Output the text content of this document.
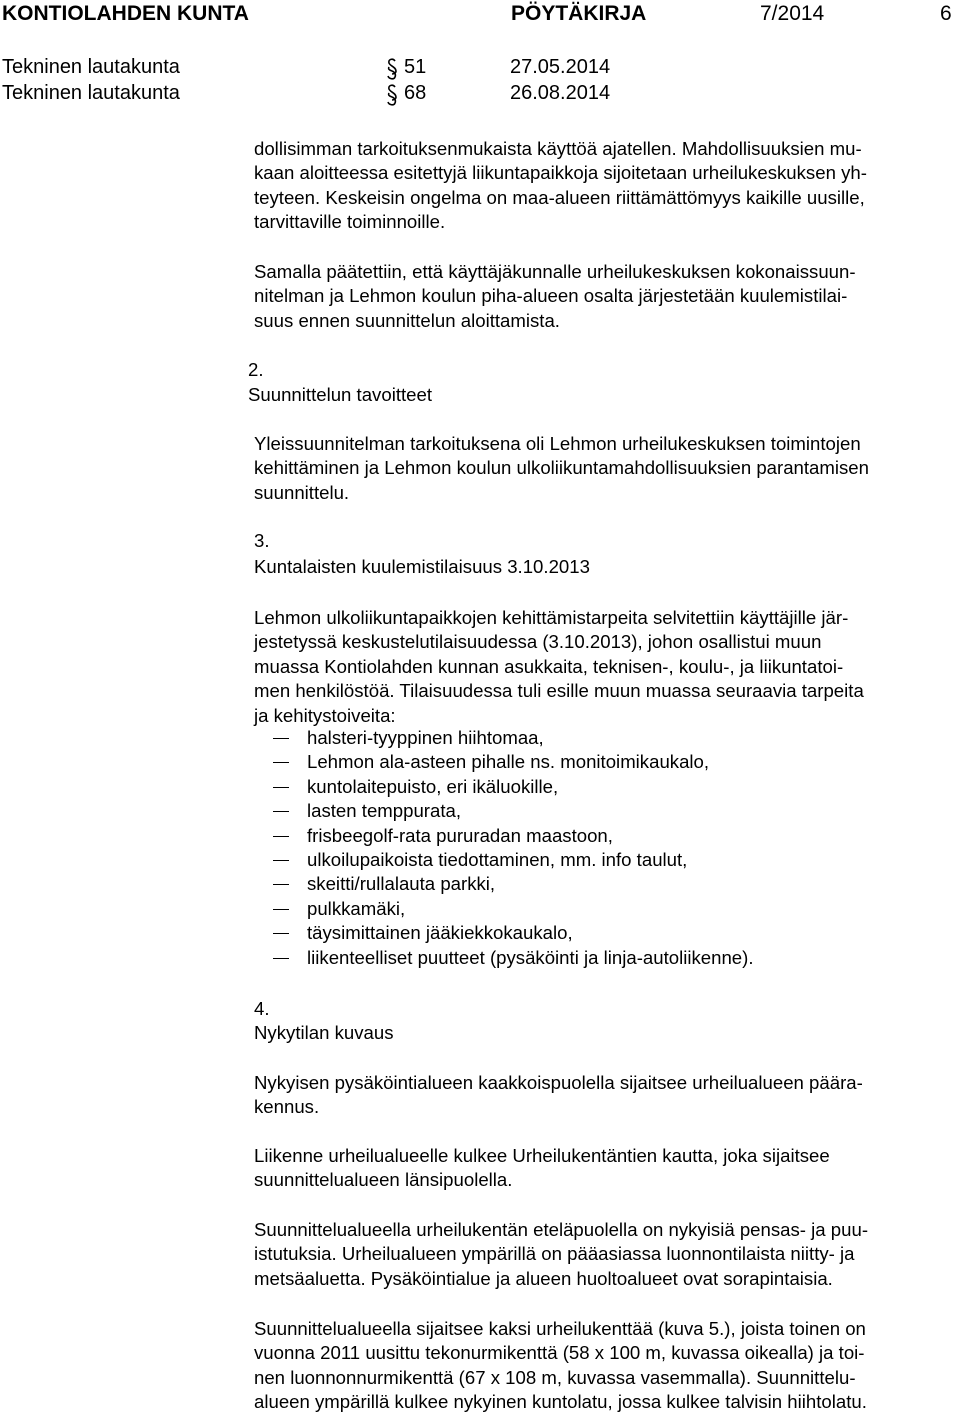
KONTIOLAHDEN KUNTA	PÖYTÄKIRJA	7/2014	6
Tekninen lautakunta	51	27.05.2014
Tekninen lautakunta	68	26.08.2014
dollisimman tarkoituksenmukaista käyttöä ajatellen. Mahdollisuuksien mu-
kaan aloitteessa esitettyjä liikuntapaikkoja sijoitetaan urheilukeskuksen yh-
teyteen. Keskeisin ongelma on maa-alueen riittämättömyys kaikille uusille,
tarvittaville toiminnoille.
Samalla päätettiin, että käyttäjäkunnalle urheilukeskuksen kokonaissuun-
nitelman ja Lehmon koulun piha-alueen osalta järjestetään kuulemistilai-
suus ennen suunnittelun aloittamista.
2.
Suunnittelun tavoitteet
Yleissuunnitelman tarkoituksena oli Lehmon urheilukeskuksen toimintojen
kehittäminen ja Lehmon koulun ulkoliikuntamahdollisuuksien parantamisen
suunnittelu.
3.
Kuntalaisten kuulemistilaisuus 3.10.2013
Lehmon ulkoliikuntapaikkojen kehittämistarpeita selvitettiin käyttäjille jär-
jestetyssä keskustelutilaisuudessa (3.10.2013), johon osallistui muun
muassa Kontiolahden kunnan asukkaita, teknisen-, koulu-, ja liikuntatoi-
men henkilöstöä. Tilaisuudessa tuli esille muun muassa seuraavia tarpeita
ja kehitystoiveita:
halsteri-tyyppinen hiihtomaa,
Lehmon ala-asteen pihalle ns. monitoimikaukalo,
kuntolaitepuisto, eri ikäluokille,
lasten temppurata,
frisbeegolf-rata pururadan maastoon,
ulkoilupaikoista tiedottaminen, mm. info taulut,
skeitti/rullalauta parkki,
pulkkamäki,
täysimittainen jääkiekkokaukalo,
liikenteelliset puutteet (pysäköinti ja linja-autoliikenne).
4.
Nykytilan kuvaus
Nykyisen pysäköintialueen kaakkoispuolella sijaitsee urheilualueen päära-
kennus.
Liikenne urheilualueelle kulkee Urheilukentäntien kautta, joka sijaitsee
suunnittelualueen länsipuolella.
Suunnittelualueella urheilukentän eteläpuolella on nykyisiä pensas- ja puu-
istutuksia. Urheilualueen ympärillä on pääasiassa luonnontilaista niitty- ja
metsäaluetta. Pysäköintialue ja alueen huoltoalueet ovat sorapintaisia.
Suunnittelualueella sijaitsee kaksi urheilukenttää (kuva 5.), joista toinen on
vuonna 2011 uusittu tekonurmikenttä (58 x 100 m, kuvassa oikealla) ja toi-
nen luonnonnurmikenttä (67 x 108 m, kuvassa vasemmalla). Suunnittelu-
alueen ympärillä kulkee nykyinen kuntolatu, jossa kulkee talvisin hiihtolatu.
